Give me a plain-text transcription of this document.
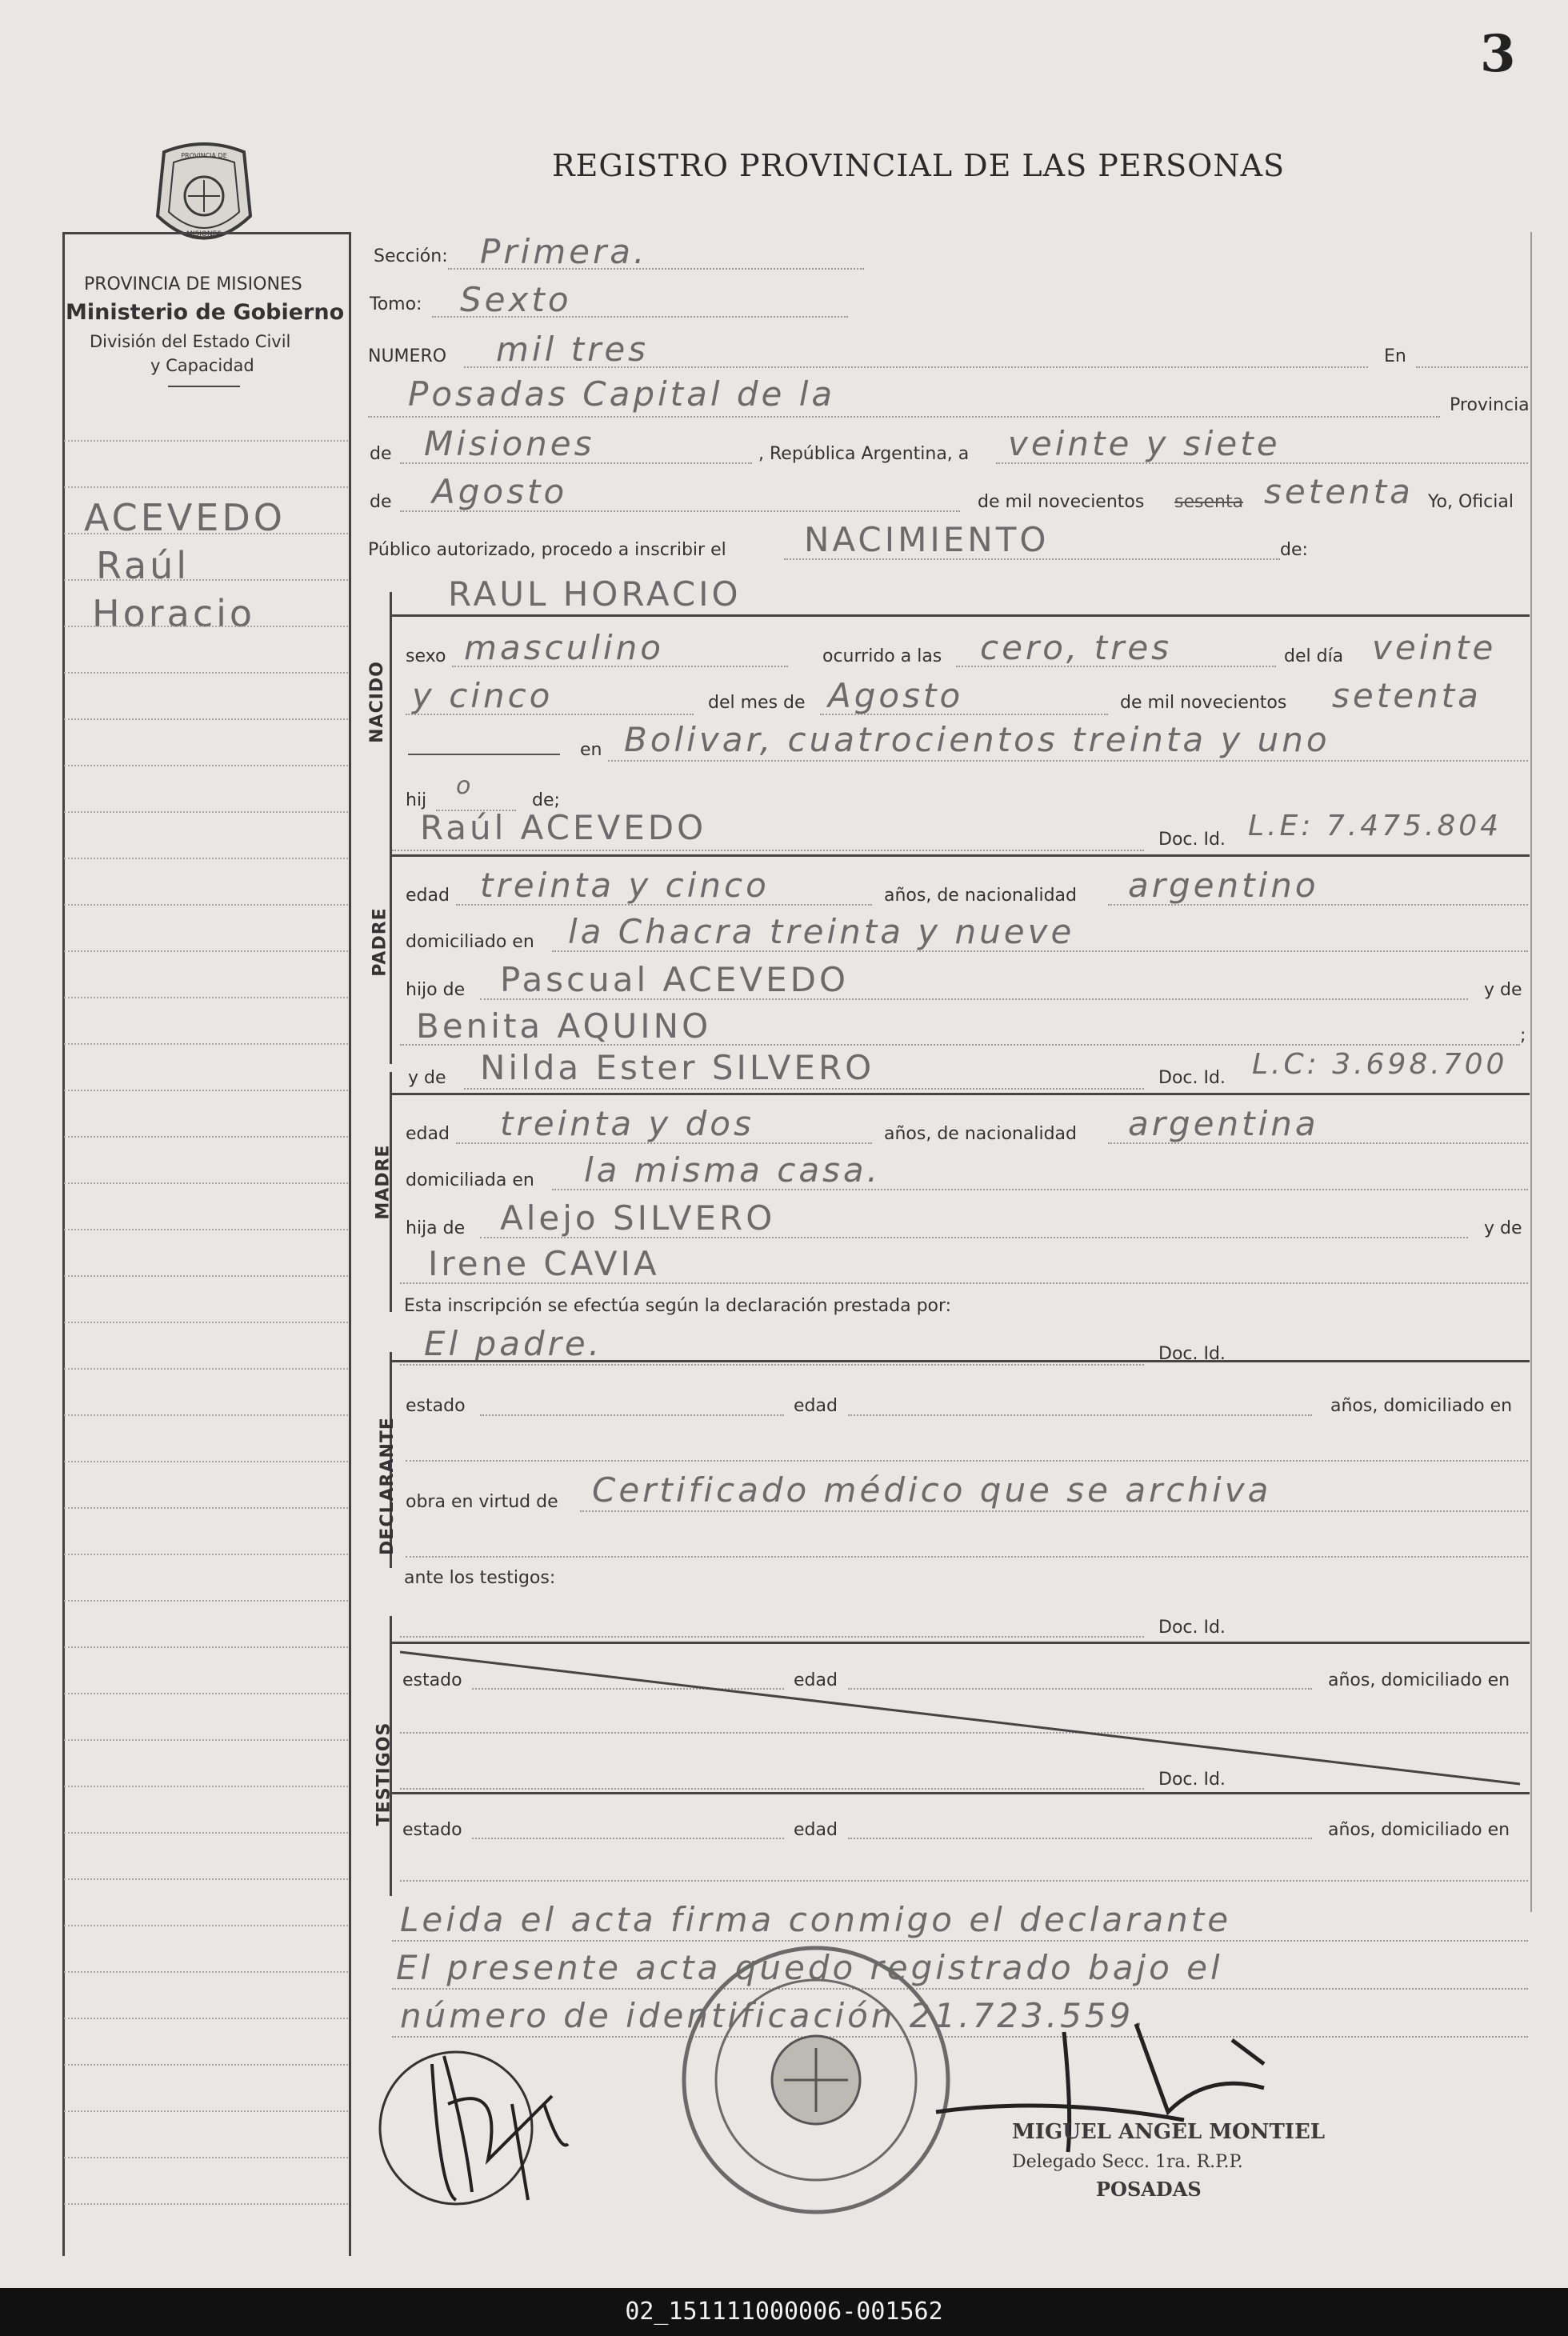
3
REGISTRO PROVINCIAL DE LAS PERSONAS
PROVINCIA DE
MISIONES
PROVINCIA DE MISIONES
Ministerio de Gobierno
División del Estado Civil
y Capacidad
ACEVEDO
Raúl
Horacio
Sección: Primera.
Tomo: Sexto
NUMERO mil tres	En
Posadas Capital de la	Provincia
de Misiones	, República Argentina, a veinte y siete
de Agosto	de mil novecientos sesenta setenta Yo, Oficial
Público autorizado, procedo a inscribir el NACIMIENTO	de:
NACIDO
RAUL HORACIO
sexo masculino	ocurrido a las cero, tres	del día veinte
y cinco	del mes de Agosto	de mil novecientos setenta
en Bolivar, cuatrocientos treinta y uno
hij
o
de;
Raúl ACEVEDO	Doc. Id. L.E: 7.475.804
PADRE
edad treinta y cinco	años, de nacionalidad argentino
domiciliado en la Chacra treinta y nueve
hijo de Pascual ACEVEDO	y de
Benita AQUINO	;
y de Nilda Ester SILVERO	Doc. Id. L.C: 3.698.700
MADRE
edad treinta y dos	años, de nacionalidad argentina
domiciliada en la misma casa.
hija de Alejo SILVERO	y de
Irene CAVIA
Esta inscripción se efectúa según la declaración prestada por:
El padre.	Doc. Id.
DECLARANTE
estado	edad	años, domiciliado en
obra en virtud de Certificado médico que se archiva
ante los testigos:
Doc. Id.
TESTIGOS
estado	edad	años, domiciliado en
Doc. Id.
estado	edad	años, domiciliado en
Leida el acta firma conmigo el declarante
El presente acta quedo registrado bajo el
número de identificación 21.723.559.
MIGUEL ANGEL MONTIEL
Delegado Secc. 1ra. R.P.P.
POSADAS
02_151111000006-001562
